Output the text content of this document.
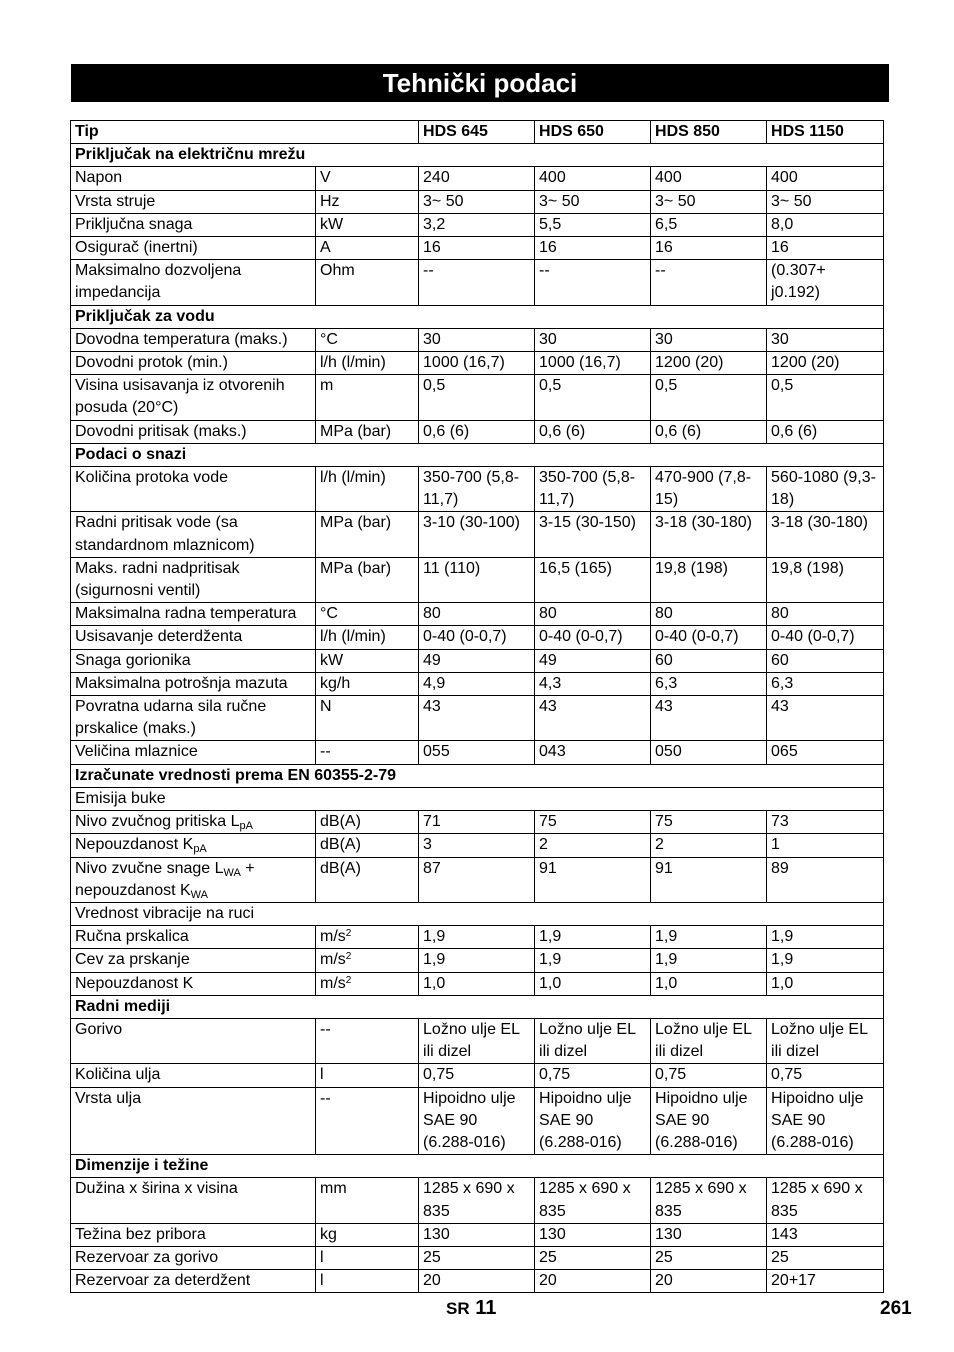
Tehnički podaci
Tip		HDS 645	HDS 650	HDS 850	HDS 1150
Priključak na električnu mrežu					
Napon	V	240	400	400	400
Vrsta struje	Hz	3~ 50	3~ 50	3~ 50	3~ 50
Priključna snaga	kW	3,2	5,5	6,5	8,0
Osigurač (inertni)	A	16	16	16	16
Maksimalno dozvoljena impedancija	Ohm	--	--	--	(0.307+ j0.192)
Priključak za vodu					
Dovodna temperatura (maks.)	°C	30	30	30	30
Dovodni protok (min.)	l/h (l/min)	1000 (16,7)	1000 (16,7)	1200 (20)	1200 (20)
Visina usisavanja iz otvorenih posuda (20°C)	m	0,5	0,5	0,5	0,5
Dovodni pritisak (maks.)	MPa (bar)	0,6 (6)	0,6 (6)	0,6 (6)	0,6 (6)
Podaci o snazi					
Količina protoka vode	l/h (l/min)	350-700 (5,8-11,7)	350-700 (5,8-11,7)	470-900 (7,8-15)	560-1080 (9,3-18)
Radni pritisak vode (sa standardnom mlaznicom)	MPa (bar)	3-10 (30-100)	3-15 (30-150)	3-18 (30-180)	3-18 (30-180)
Maks. radni nadpritisak (sigurnosni ventil)	MPa (bar)	11 (110)	16,5 (165)	19,8 (198)	19,8 (198)
Maksimalna radna temperatura	°C	80	80	80	80
Usisavanje deterdženta	l/h (l/min)	0-40 (0-0,7)	0-40 (0-0,7)	0-40 (0-0,7)	0-40 (0-0,7)
Snaga gorionika	kW	49	49	60	60
Maksimalna potrošnja mazuta	kg/h	4,9	4,3	6,3	6,3
Povratna udarna sila ručne prskalice (maks.)	N	43	43	43	43
Veličina mlaznice	--	055	043	050	065
Izračunate vrednosti prema EN 60355-2-79					
Emisija buke					
Nivo zvučnog pritiska $L_{pA}$	dB(A)	71	75	75	73
Nepouzdanost $K_{pA}$	dB(A)	3	2	2	1
Nivo zvučne snage $L_{WA}$ + nepouzdanost $K_{WA}$	dB(A)	87	91	91	89
Vrednost vibracije na ruci					
Ručna prskalica	$m/s^2$	1,9	1,9	1,9	1,9
Cev za prskanje	$m/s^2$	1,9	1,9	1,9	1,9
Nepouzdanost K	$m/s^2$	1,0	1,0	1,0	1,0
Radni mediji					
Gorivo	--	Ložno ulje EL ili dizel	Ložno ulje EL ili dizel	Ložno ulje EL ili dizel	Ložno ulje EL ili dizel
Količina ulja	l	0,75	0,75	0,75	0,75
Vrsta ulja	--	Hipoidno ulje SAE 90 (6.288-016)	Hipoidno ulje SAE 90 (6.288-016)	Hipoidno ulje SAE 90 (6.288-016)	Hipoidno ulje SAE 90 (6.288-016)
Dimenzije i težine					
Dužina x širina x visina	mm	1285 x 690 x 835	1285 x 690 x 835	1285 x 690 x 835	1285 x 690 x 835
Težina bez pribora	kg	130	130	130	143
Rezervoar za gorivo	l	25	25	25	25
Rezervoar za deterdžent	l	20	20	20	20+17
SR 11	261
